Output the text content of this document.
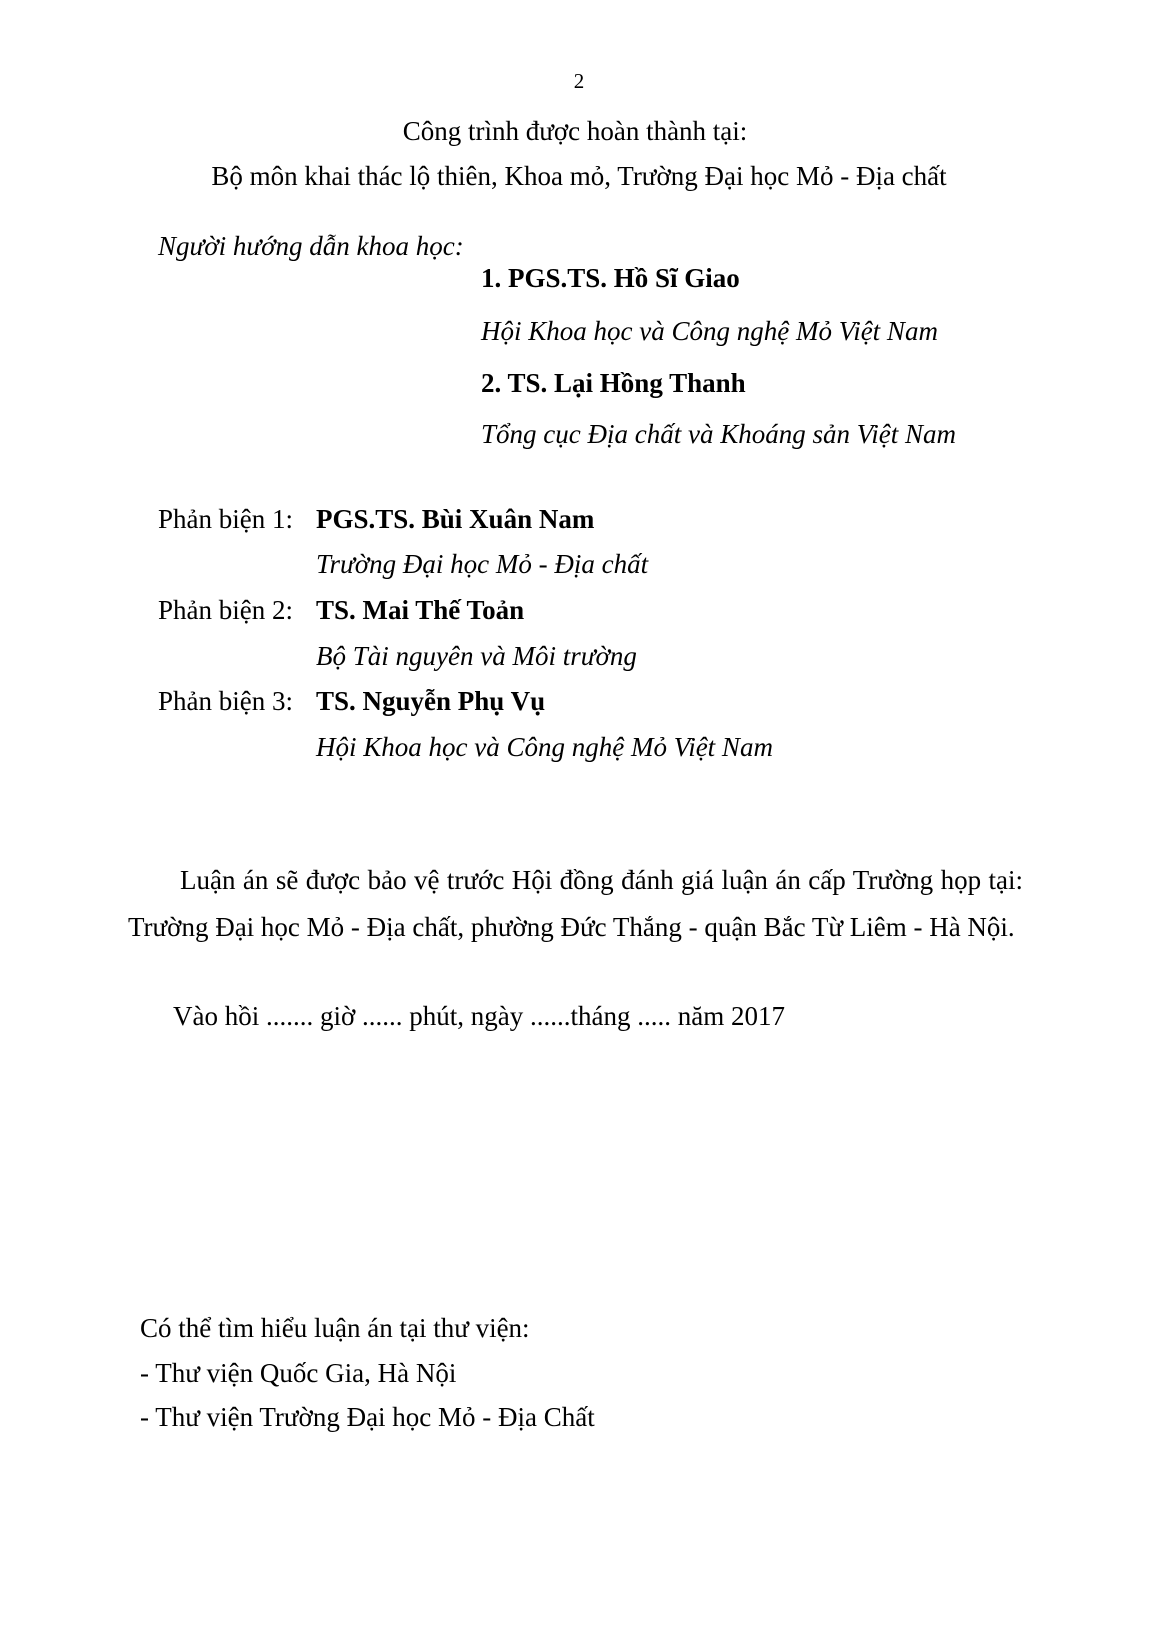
2
Công trình được hoàn thành tại:
Bộ môn khai thác lộ thiên, Khoa mỏ, Trường Đại học Mỏ - Địa chất
Người hướng dẫn khoa học:
1. PGS.TS. Hồ Sĩ Giao
Hội Khoa học và Công nghệ Mỏ Việt Nam
2. TS. Lại Hồng Thanh
Tổng cục Địa chất và Khoáng sản Việt Nam
Phản biện 1: PGS.TS. Bùi Xuân Nam
Trường Đại học Mỏ - Địa chất
Phản biện 2: TS. Mai Thế Toản
Bộ Tài nguyên và Môi trường
Phản biện 3: TS. Nguyễn Phụ Vụ
Hội Khoa học và Công nghệ Mỏ Việt Nam
Luận án sẽ được bảo vệ trước Hội đồng đánh giá luận án cấp Trường họp tại: Trường Đại học Mỏ - Địa chất, phường Đức Thắng - quận Bắc Từ Liêm - Hà Nội.
Vào hồi ....... giờ ...... phút, ngày ......tháng ..... năm 2017
Có thể tìm hiểu luận án tại thư viện:
- Thư viện Quốc Gia, Hà Nội
- Thư viện Trường Đại học Mỏ - Địa Chất
